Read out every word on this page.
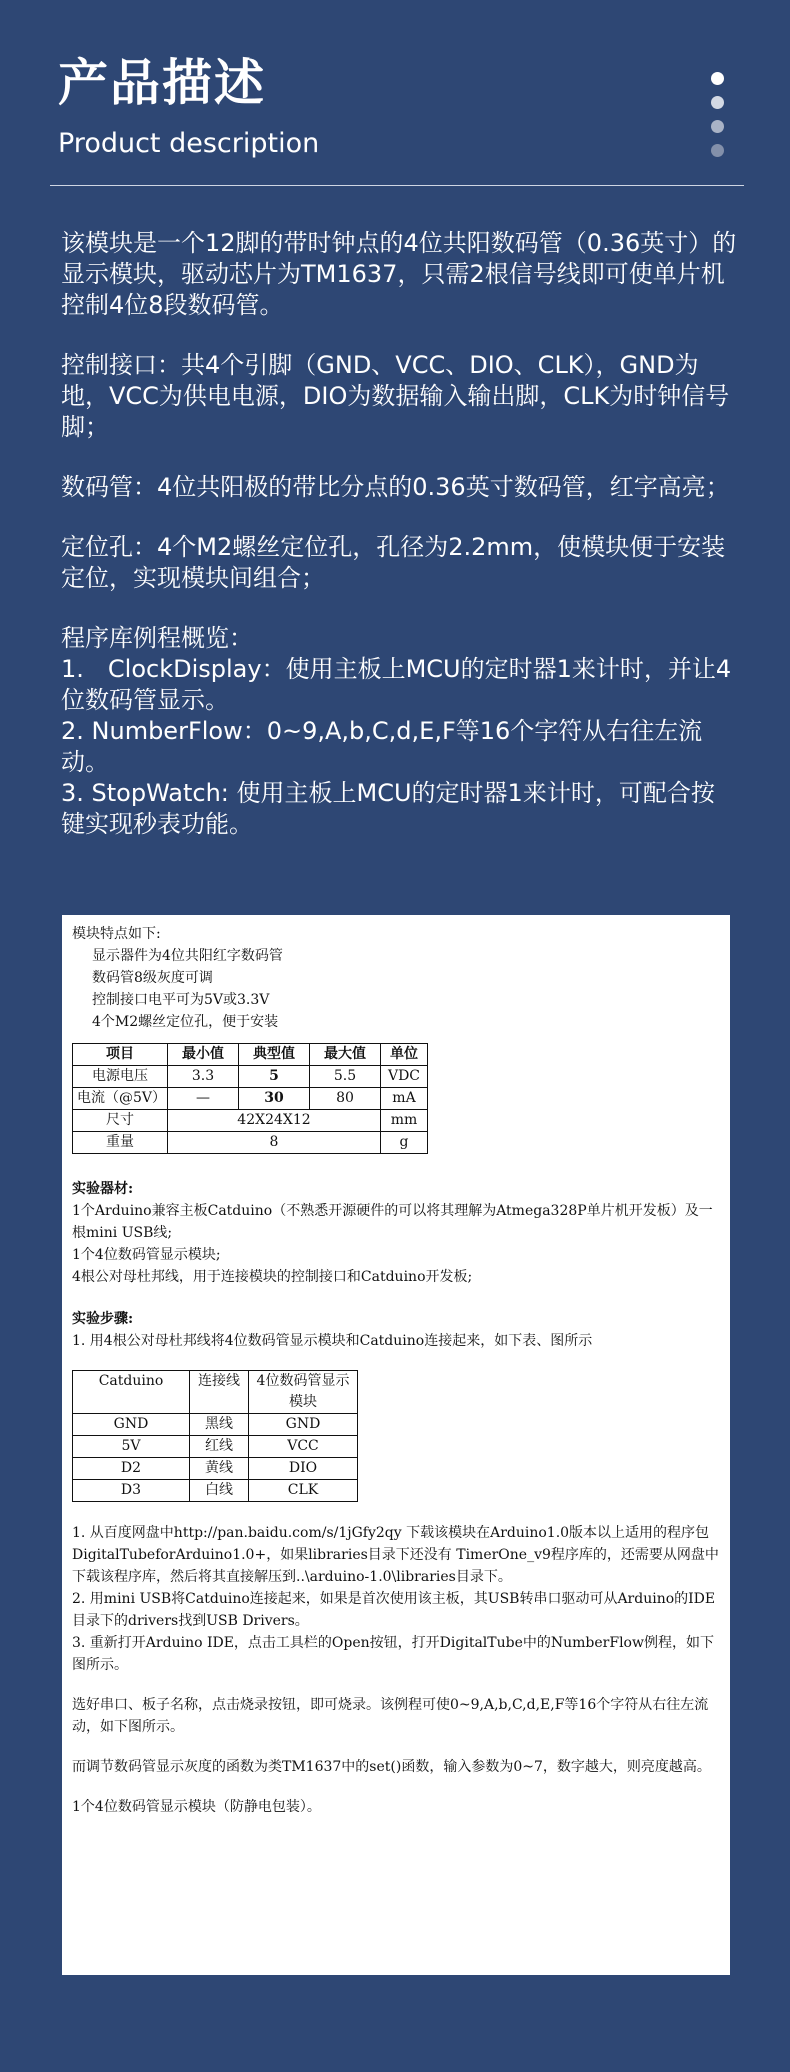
产品描述
Product description

该模块是一个12脚的带时钟点的4位共阳数码管（0.36英寸）的显示模块，驱动芯片为TM1637，只需2根信号线即可使单片机控制4位8段数码管。

控制接口：共4个引脚（GND、VCC、DIO、CLK），GND为地，VCC为供电电源，DIO为数据输入输出脚，CLK为时钟信号脚；

数码管：4位共阳极的带比分点的0.36英寸数码管，红字高亮；

定位孔：4个M2螺丝定位孔，孔径为2.2mm，使模块便于安装定位，实现模块间组合；

程序库例程概览：

1.　ClockDisplay：使用主板上MCU的定时器1来计时，并让4位数码管显示。

2. NumberFlow：0~9,A,b,C,d,E,F等16个字符从右往左流动。

3. StopWatch: 使用主板上MCU的定时器1来计时，可配合按键实现秒表功能。

模块特点如下:
显示器件为4位共阳红字数码管
数码管8级灰度可调
控制接口电平可为5V或3.3V
4个M2螺丝定位孔，便于安装
项目	最小值	典型值	最大值	单位
电源电压	3.3	5	5.5	VDC
电流（@5V）	—	30	80	mA
尺寸	42X24X12			mm
重量	8			g
实验器材:
1个Arduino兼容主板Catduino（不熟悉开源硬件的可以将其理解为Atmega328P单片机开发板）及一根mini USB线;
1个4位数码管显示模块;
4根公对母杜邦线，用于连接模块的控制接口和Catduino开发板;
实验步骤:
1. 用4根公对母杜邦线将4位数码管显示模块和Catduino连接起来，如下表、图所示
Catduino	连接线	4位数码管显示模块
GND	黑线	GND
5V	红线	VCC
D2	黄线	DIO
D3	白线	CLK
1. 从百度网盘中http://pan.baidu.com/s/1jGfy2qy 下载该模块在Arduino1.0版本以上适用的程序包DigitalTubeforArduino1.0+，如果libraries目录下还没有 TimerOne_v9程序库的，还需要从网盘中下载该程序库，然后将其直接解压到..\arduino-1.0\libraries目录下。
2. 用mini USB将Catduino连接起来，如果是首次使用该主板，其USB转串口驱动可从Arduino的IDE目录下的drivers找到USB Drivers。
3. 重新打开Arduino IDE，点击工具栏的Open按钮，打开DigitalTube中的NumberFlow例程，如下图所示。
选好串口、板子名称，点击烧录按钮，即可烧录。该例程可使0~9,A,b,C,d,E,F等16个字符从右往左流动，如下图所示。
而调节数码管显示灰度的函数为类TM1637中的set()函数，输入参数为0~7，数字越大，则亮度越高。
1个4位数码管显示模块（防静电包装）。
